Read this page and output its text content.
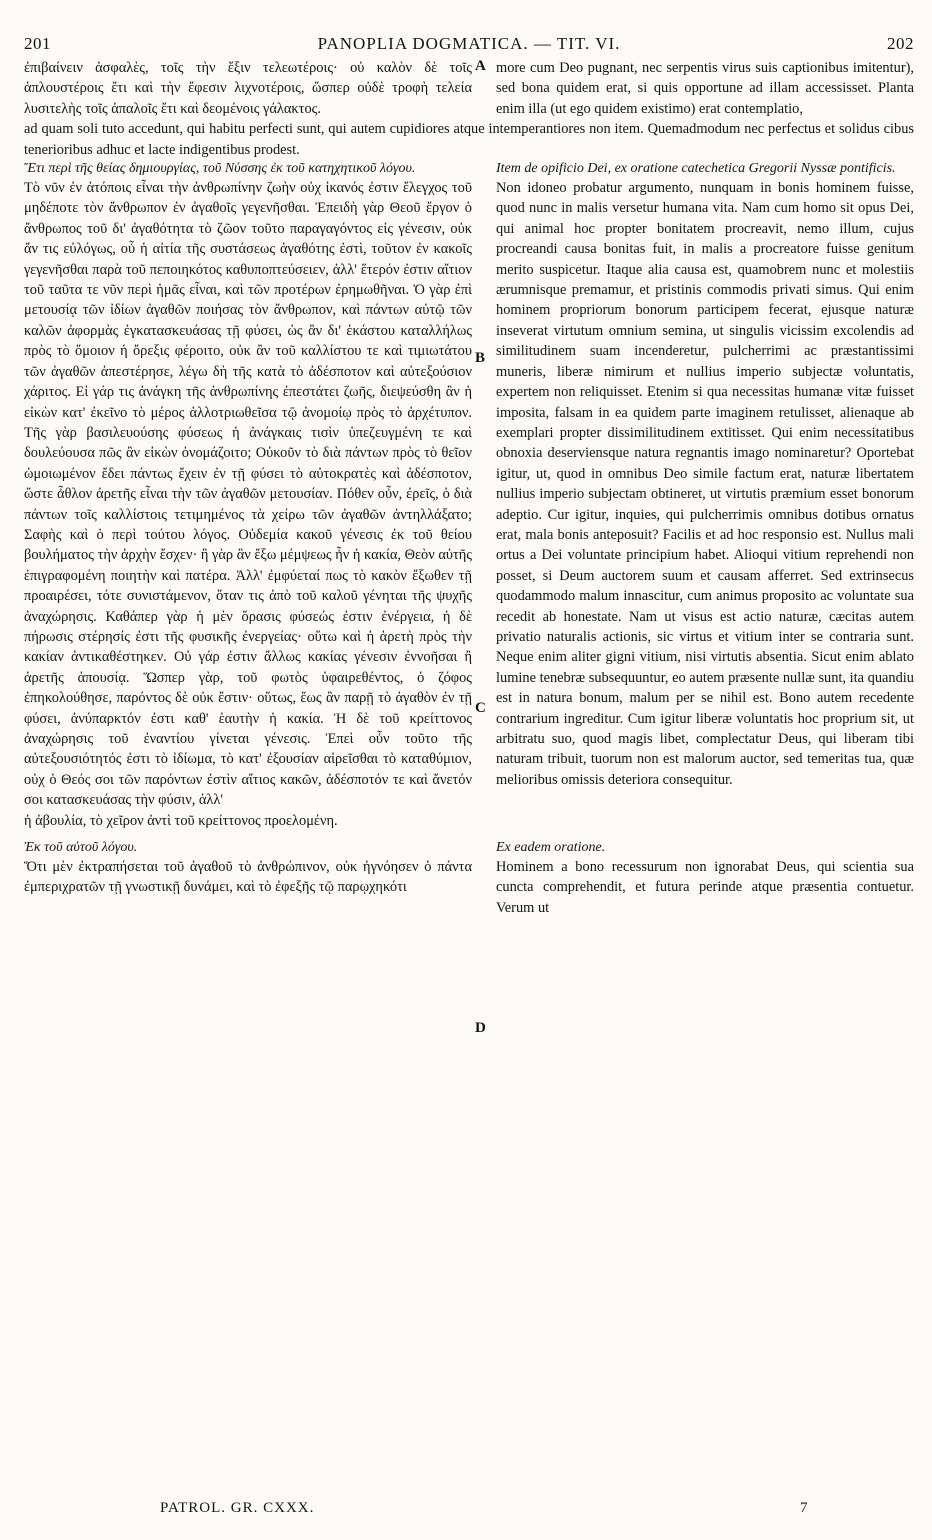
201	PANOPLIA DOGMATICA. — TIT. VI.	202

ἐπιβαίνειν ἀσφαλὲς, τοῖς τὴν ἕξιν τελεωτέροις· οὐ καλὸν δὲ τοῖς ἁπλουστέροις ἔτι καὶ τὴν ἔφεσιν λιχνοτέροις, ὥσπερ οὐδὲ τροφὴ τελεία λυσιτελὴς τοῖς ἁπαλοῖς ἔτι καὶ δεομένοις γάλακτος.

A more cum Deo pugnant, nec serpentis virus suis captionibus imitentur), sed bona quidem erat, si quis opportune ad illam accessisset. Planta enim illa (ut ego quidem existimo) erat contemplatio,

ad quam soli tuto accedunt, qui habitu perfecti sunt, qui autem cupidiores atque intemperantiores non item. Quemadmodum nec perfectus et solidus cibus tenerioribus adhuc et lacte indigentibus prodest.

Ἔτι περὶ τῆς θείας δημιουργίας, τοῦ Νύσσης ἐκ τοῦ κατηχητικοῦ λόγου.

Τὸ νῦν ἐν ἀτόποις εἶναι τὴν ἀνθρωπίνην ζωὴν οὐχ ἱκανός ἐστιν ἔλεγχος τοῦ μηδέποτε τὸν ἄνθρωπον ἐν ἀγαθοῖς γεγενῆσθαι. Ἐπειδὴ γὰρ Θεοῦ ἔργον ὁ ἄνθρωπος τοῦ δι' ἀγαθότητα τὸ ζῶον τοῦτο παραγαγόντος εἰς γένεσιν, οὐκ ἄν τις εὐλόγως, οὗ ἡ αἰτία τῆς συστάσεως ἀγαθότης ἐστὶ, τοῦτον ἐν κακοῖς γεγενῆσθαι παρὰ τοῦ πεποιηκότος καθυποπτεύσειεν, ἀλλ' ἕτερόν ἐστιν αἴτιον τοῦ ταῦτα τε νῦν περὶ ἡμᾶς εἶναι, καὶ τῶν προτέρων ἐρημωθῆναι. Ὁ γὰρ ἐπὶ μετουσίᾳ τῶν ἰδίων ἀγαθῶν ποιήσας τὸν ἄνθρωπον, καὶ πάντων αὐτῷ τῶν καλῶν ἀφορμὰς ἐγκατασκευάσας τῇ φύσει, ὡς ἂν δι' ἑκάστου καταλλήλως πρὸς τὸ ὅμοιον ἡ ὄρεξις φέροιτο, οὐκ ἂν τοῦ καλλίστου τε καὶ τιμιωτάτου τῶν ἀγαθῶν ἀπεστέρησε, λέγω δὴ τῆς κατὰ τὸ ἀδέσποτον καὶ αὐτεξούσιον χάριτος. Εἰ γάρ τις ἀνάγκη τῆς ἀνθρωπίνης ἐπεστάτει ζωῆς, διεψεύσθη ἂν ἡ εἰκὼν κατ' ἐκεῖνο τὸ μέρος ἀλλοτριωθεῖσα τῷ ἀνομοίῳ πρὸς τὸ ἀρχέτυπον. Τῆς γὰρ βασιλευούσης φύσεως ἡ ἀνάγκαις τισὶν ὑπεζευγμένη τε καὶ δουλεύουσα πῶς ἂν εἰκὼν ὀνομάζοιτο; Οὐκοῦν τὸ διὰ πάντων πρὸς τὸ θεῖον ὡμοιωμένον ἔδει πάντως ἔχειν ἐν τῇ φύσει τὸ αὐτοκρατὲς καὶ ἀδέσποτον, ὥστε ἆθλον ἀρετῆς εἶναι τὴν τῶν ἀγαθῶν μετουσίαν. Πόθεν οὖν, ἐρεῖς, ὁ διὰ πάντων τοῖς καλλίστοις τετιμημένος τὰ χείρω τῶν ἀγαθῶν ἀντηλλάξατο; Σαφὴς καὶ ὁ περὶ τούτου λόγος. Οὐδεμία κακοῦ γένεσις ἐκ τοῦ θείου βουλήματος τὴν ἀρχὴν ἔσχεν· ἢ γὰρ ἂν ἔξω μέμψεως ἦν ἡ κακία, Θεὸν αὐτῆς ἐπιγραφομένη ποιητὴν καὶ πατέρα. Ἀλλ' ἐμφύεταί πως τὸ κακὸν ἔξωθεν τῇ προαιρέσει, τότε συνιστάμενον, ὅταν τις ἀπὸ τοῦ καλοῦ γένηται τῆς ψυχῆς ἀναχώρησις. Καθάπερ γὰρ ἡ μὲν ὅρασις φύσεώς ἐστιν ἐνέργεια, ἡ δὲ πήρωσις στέρησίς ἐστι τῆς φυσικῆς ἐνεργείας· οὕτω καὶ ἡ ἀρετὴ πρὸς τὴν κακίαν ἀντικαθέστηκεν. Οὐ γάρ ἐστιν ἄλλως κακίας γένεσιν ἐννοῆσαι ἢ ἀρετῆς ἀπουσίᾳ. Ὥσπερ γὰρ, τοῦ φωτὸς ὑφαιρεθέντος, ὁ ζόφος ἐπηκολούθησε, παρόντος δὲ οὐκ ἔστιν· οὕτως, ἕως ἂν παρῇ τὸ ἀγαθὸν ἐν τῇ φύσει, ἀνύπαρκτόν ἐστι καθ' ἑαυτὴν ἡ κακία. Ἡ δὲ τοῦ κρείττονος ἀναχώρησις τοῦ ἐναντίου γίνεται γένεσις. Ἐπεὶ οὖν τοῦτο τῆς αὐτεξουσιότητός ἐστι τὸ ἰδίωμα, τὸ κατ' ἐξουσίαν αἱρεῖσθαι τὸ καταθύμιον, οὐχ ὁ Θεός σοι τῶν παρόντων ἐστὶν αἴτιος κακῶν, ἀδέσποτόν τε καὶ ἄνετόν σοι κατασκευάσας τὴν φύσιν, ἀλλ'

B
C
D

Item de opificio Dei, ex oratione catechetica Gregorii Nyssæ pontificis.

Non idoneo probatur argumento, nunquam in bonis hominem fuisse, quod nunc in malis versetur humana vita. Nam cum homo sit opus Dei, qui animal hoc propter bonitatem procreavit, nemo illum, cujus procreandi causa bonitas fuit, in malis a procreatore fuisse genitum merito suspicetur. Itaque alia causa est, quamobrem nunc et molestiis ærumnisque premamur, et pristinis commodis privati simus. Qui enim hominem propriorum bonorum participem fecerat, ejusque naturæ inseverat virtutum omnium semina, ut singulis vicissim excolendis ad similitudinem suam incenderetur, pulcherrimi ac præstantissimi muneris, liberæ nimirum et nullius imperio subjectæ voluntatis, expertem non reliquisset. Etenim si qua necessitas humanæ vitæ fuisset imposita, falsam in ea quidem parte imaginem retulisset, alienaque ab exemplari propter dissimilitudinem extitisset. Qui enim necessitatibus obnoxia deserviensque natura regnantis imago nominaretur? Oportebat igitur, ut, quod in omnibus Deo simile factum erat, naturæ libertatem nullius imperio subjectam obtineret, ut virtutis præmium esset bonorum adeptio. Cur igitur, inquies, qui pulcherrimis omnibus dotibus ornatus erat, mala bonis anteposuit? Facilis et ad hoc responsio est. Nullus mali ortus a Dei voluntate principium habet. Alioqui vitium reprehendi non posset, si Deum auctorem suum et causam afferret. Sed extrinsecus quodammodo malum innascitur, cum animus proposito ac voluntate sua recedit ab honestate. Nam ut visus est actio naturæ, cæcitas autem privatio naturalis actionis, sic virtus et vitium inter se contraria sunt. Neque enim aliter gigni vitium, nisi virtutis absentia. Sicut enim ablato lumine tenebræ subsequuntur, eo autem præsente nullæ sunt, ita quandiu est in natura bonum, malum per se nihil est. Bono autem recedente contrarium ingreditur. Cum igitur liberæ voluntatis hoc proprium sit, ut arbitratu suo, quod magis libet, complectatur Deus, qui liberam tibi naturam tribuit, tuorum non est malorum auctor, sed temeritas tua, quæ melioribus omissis deteriora consequitur.

ἡ ἀβουλία, τὸ χεῖρον ἀντὶ τοῦ κρείττονος προελομένη.

Ἐκ τοῦ αὐτοῦ λόγου.

Ὅτι μὲν ἐκτραπήσεται τοῦ ἀγαθοῦ τὸ ἀνθρώπινον, οὐκ ἠγνόησεν ὁ πάντα ἐμπεριχρατῶν τῇ γνωστικῇ δυνάμει, καὶ τὸ ἐφεξῆς τῷ παρῳχηκότι

Ex eadem oratione.

Hominem a bono recessurum non ignorabat Deus, qui scientia sua cuncta comprehendit, et futura perinde atque præsentia contuetur. Verum ut

PATROL. GR. CXXX.	7
